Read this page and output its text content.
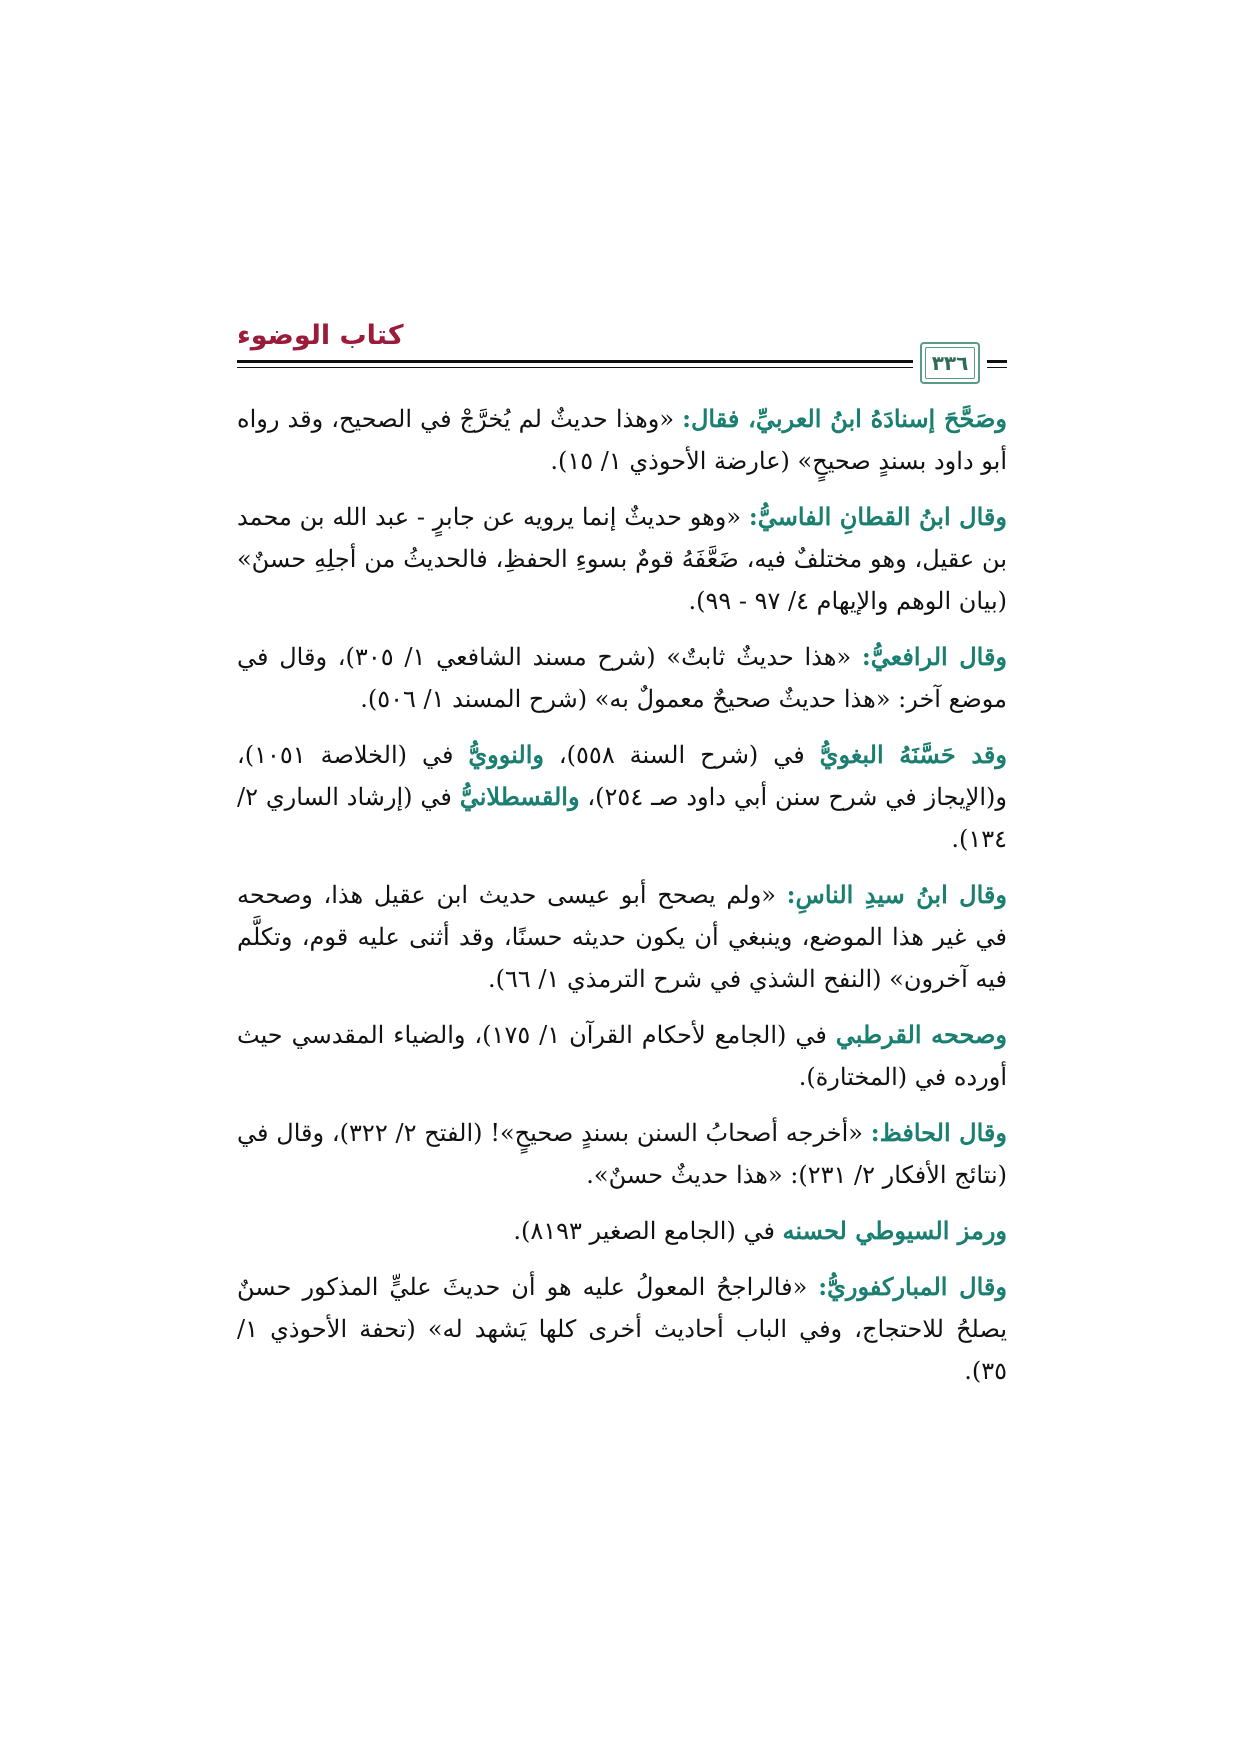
كتاب الوضوء
٣٣٦

وصَحَّحَ إسنادَهُ ابنُ العربيِّ، فقال: «وهذا حديثٌ لم يُخرَّجْ في الصحيح، وقد رواه أبو داود بسندٍ صحيحٍ» (عارضة الأحوذي ١/ ١٥).

وقال ابنُ القطانِ الفاسيُّ: «وهو حديثٌ إنما يرويه عن جابرٍ - عبد الله بن محمد بن عقيل، وهو مختلفٌ فيه، ضَعَّفَهُ قومٌ بسوءِ الحفظِ، فالحديثُ من أجلِهِ حسنٌ» (بيان الوهم والإيهام ٤/ ٩٧ - ٩٩).

وقال الرافعيُّ: «هذا حديثٌ ثابتٌ» (شرح مسند الشافعي ١/ ٣٠٥)، وقال في موضع آخر: «هذا حديثٌ صحيحٌ معمولٌ به» (شرح المسند ١/ ٥٠٦).

وقد حَسَّنَهُ البغويُّ في (شرح السنة ٥٥٨)، والنوويُّ في (الخلاصة ١٠٥١)، و(الإيجاز في شرح سنن أبي داود صـ ٢٥٤)، والقسطلانيُّ في (إرشاد الساري ٢/ ١٣٤).

وقال ابنُ سيدِ الناسِ: «ولم يصحح أبو عيسى حديث ابن عقيل هذا، وصححه في غير هذا الموضع، وينبغي أن يكون حديثه حسنًا، وقد أثنى عليه قوم، وتكلَّم فيه آخرون» (النفح الشذي في شرح الترمذي ١/ ٦٦).

وصححه القرطبي في (الجامع لأحكام القرآن ١/ ١٧٥)، والضياء المقدسي حيث أورده في (المختارة).

وقال الحافظ: «أخرجه أصحابُ السنن بسندٍ صحيحٍ»! (الفتح ٢/ ٣٢٢)، وقال في (نتائج الأفكار ٢/ ٢٣١): «هذا حديثٌ حسنٌ».

ورمز السيوطي لحسنه في (الجامع الصغير ٨١٩٣).

وقال المباركفوريُّ: «فالراجحُ المعولُ عليه هو أن حديثَ عليٍّ المذكور حسنٌ يصلحُ للاحتجاج، وفي الباب أحاديث أخرى كلها يَشهد له» (تحفة الأحوذي ١/ ٣٥).
